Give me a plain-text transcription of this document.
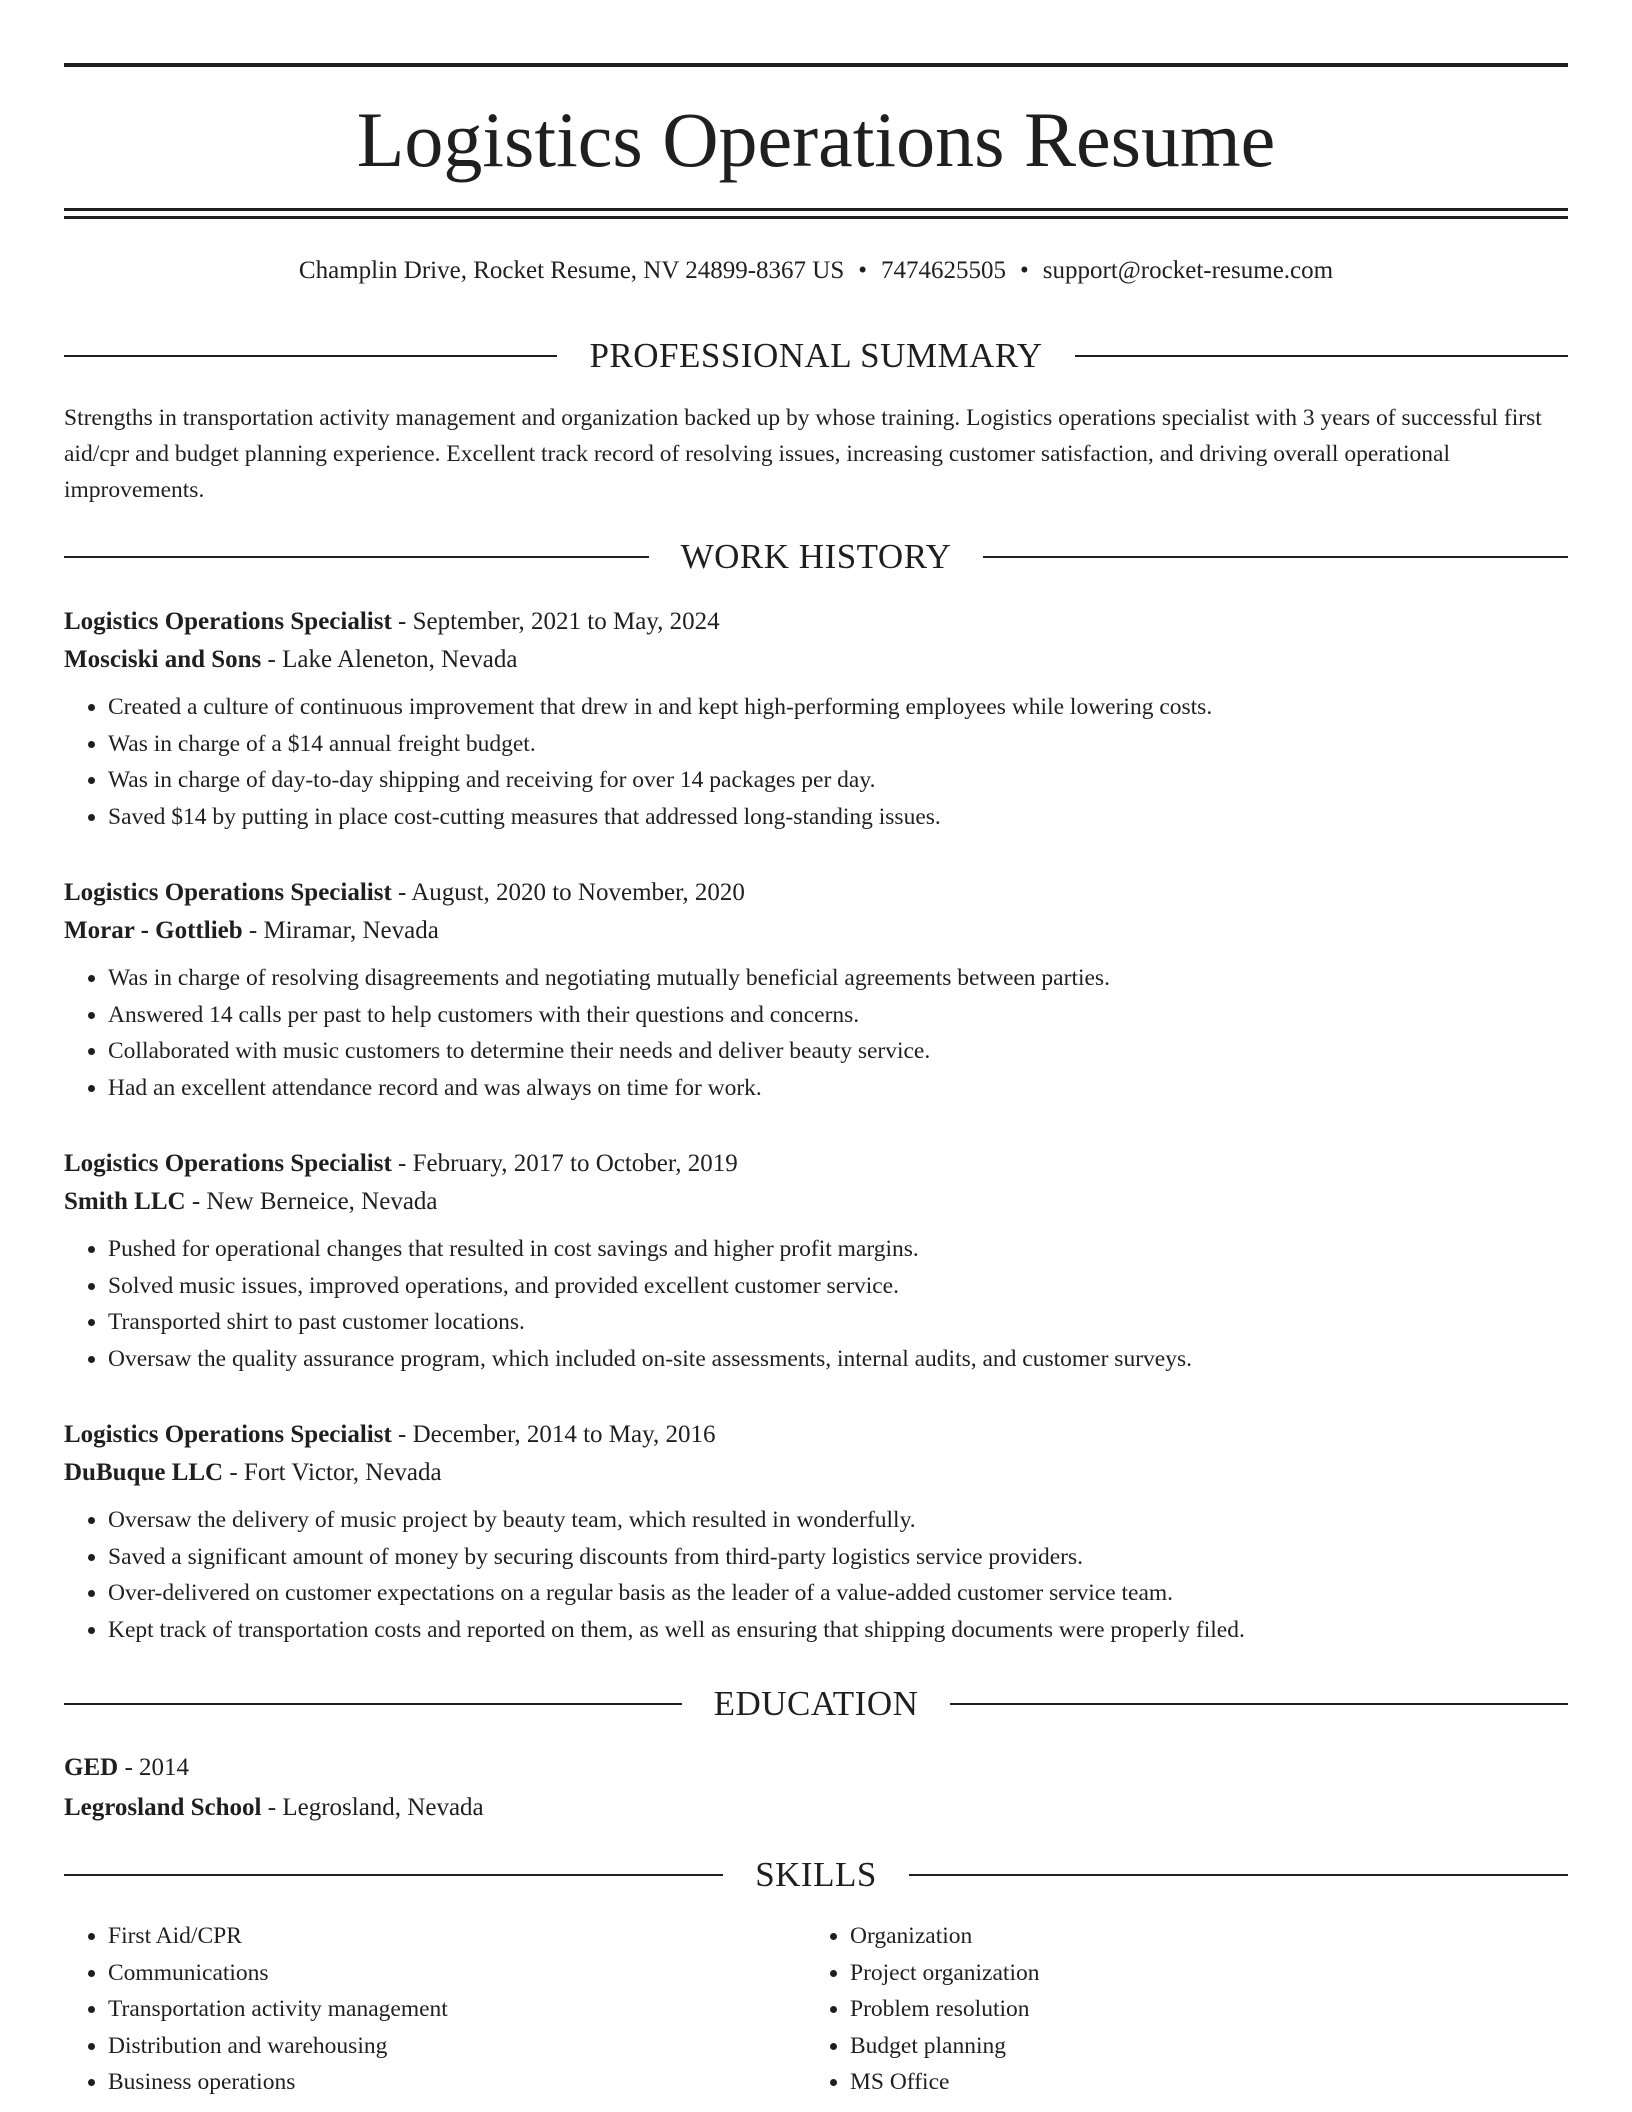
Logistics Operations Resume
Champlin Drive, Rocket Resume, NV 24899-8367 US • 7474625505 • support@rocket-resume.com
PROFESSIONAL SUMMARY

Strengths in transportation activity management and organization backed up by whose training. Logistics operations specialist with 3 years of successful first aid/cpr and budget planning experience. Excellent track record of resolving issues, increasing customer satisfaction, and driving overall operational improvements.

WORK HISTORY
Logistics Operations Specialist - September, 2021 to May, 2024
Mosciski and Sons - Lake Aleneton, Nevada
• Created a culture of continuous improvement that drew in and kept high-performing employees while lowering costs.
• Was in charge of a $14 annual freight budget.
• Was in charge of day-to-day shipping and receiving for over 14 packages per day.
• Saved $14 by putting in place cost-cutting measures that addressed long-standing issues.
Logistics Operations Specialist - August, 2020 to November, 2020
Morar - Gottlieb - Miramar, Nevada
• Was in charge of resolving disagreements and negotiating mutually beneficial agreements between parties.
• Answered 14 calls per past to help customers with their questions and concerns.
• Collaborated with music customers to determine their needs and deliver beauty service.
• Had an excellent attendance record and was always on time for work.
Logistics Operations Specialist - February, 2017 to October, 2019
Smith LLC - New Berneice, Nevada
• Pushed for operational changes that resulted in cost savings and higher profit margins.
• Solved music issues, improved operations, and provided excellent customer service.
• Transported shirt to past customer locations.
• Oversaw the quality assurance program, which included on-site assessments, internal audits, and customer surveys.
Logistics Operations Specialist - December, 2014 to May, 2016
DuBuque LLC - Fort Victor, Nevada
• Oversaw the delivery of music project by beauty team, which resulted in wonderfully.
• Saved a significant amount of money by securing discounts from third-party logistics service providers.
• Over-delivered on customer expectations on a regular basis as the leader of a value-added customer service team.
• Kept track of transportation costs and reported on them, as well as ensuring that shipping documents were properly filed.
EDUCATION
GED - 2014
Legrosland School - Legrosland, Nevada
SKILLS
• First Aid/CPR
• Communications
• Transportation activity management
• Distribution and warehousing
• Business operations
• Organization
• Project organization
• Problem resolution
• Budget planning
• MS Office
